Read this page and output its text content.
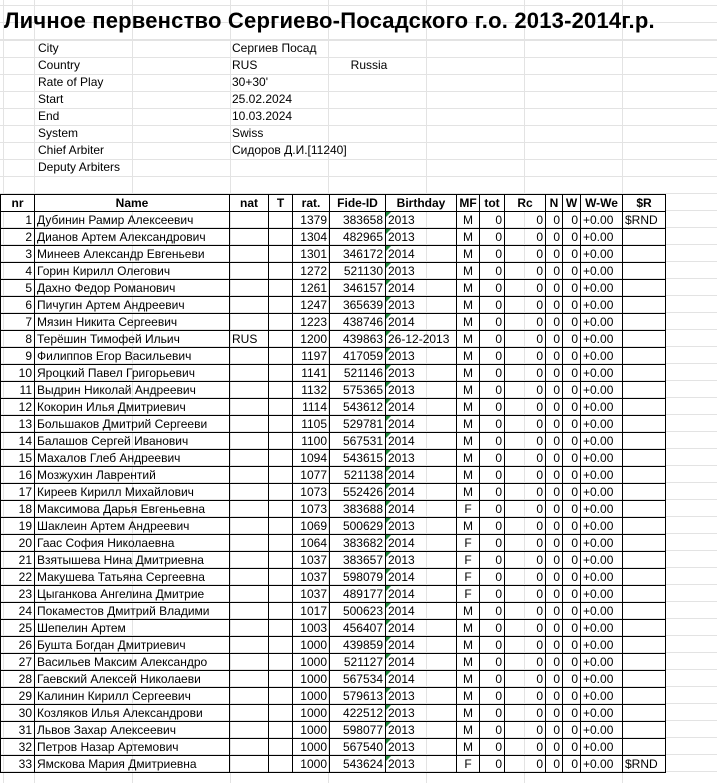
Личное первенство Сергиево-Посадского г.о. 2013-2014г.р.
City	Сергиев Посад	
Country	RUS	Russia
Rate of Play	30+30'	
Start	25.02.2024	
End	10.03.2024	
System	Swiss	
Chief Arbiter	Сидоров Д.И.[11240]	
Deputy Arbiters		
nr	Name	nat	T	rat.	Fide-ID	Birthday	MF	tot	Rc	N	W	W-We	$R
1	Дубинин Рамир Алексеевич			1379	383658	2013	M	0	0	0	0	+0.00	$RND
2	Дианов Артем Александрович			1304	482965	2013	M	0	0	0	0	+0.00	
3	Минеев Александр Евгеньеви			1301	346172	2014	M	0	0	0	0	+0.00	
4	Горин Кирилл Олегович			1272	521130	2013	M	0	0	0	0	+0.00	
5	Дахно Федор Романович			1261	346157	2014	M	0	0	0	0	+0.00	
6	Пичугин Артем Андреевич			1247	365639	2013	M	0	0	0	0	+0.00	
7	Мязин Никита Сергеевич			1223	438746	2014	M	0	0	0	0	+0.00	
8	Терёшин Тимофей Ильич	RUS		1200	439863	26-12-2013	M	0	0	0	0	+0.00	
9	Филиппов Егор Васильевич			1197	417059	2013	M	0	0	0	0	+0.00	
10	Яроцкий Павел Григорьевич			1141	521146	2013	M	0	0	0	0	+0.00	
11	Выдрин Николай Андреевич			1132	575365	2013	M	0	0	0	0	+0.00	
12	Кокорин Илья Дмитриевич			1114	543612	2014	M	0	0	0	0	+0.00	
13	Большаков Дмитрий Сергееви			1105	529781	2014	M	0	0	0	0	+0.00	
14	Балашов Сергей Иванович			1100	567531	2014	M	0	0	0	0	+0.00	
15	Махалов Глеб Андреевич			1094	543615	2013	M	0	0	0	0	+0.00	
16	Мозжухин Лаврентий			1077	521138	2014	M	0	0	0	0	+0.00	
17	Киреев Кирилл Михайлович			1073	552426	2014	M	0	0	0	0	+0.00	
18	Максимова Дарья Евгеньевна			1073	383688	2014	F	0	0	0	0	+0.00	
19	Шаклеин Артем Андреевич			1069	500629	2013	M	0	0	0	0	+0.00	
20	Гаас София Николаевна			1064	383682	2014	F	0	0	0	0	+0.00	
21	Взятышева Нина Дмитриевна			1037	383657	2013	F	0	0	0	0	+0.00	
22	Макушева Татьяна Сергеевна			1037	598079	2014	F	0	0	0	0	+0.00	
23	Цыганкова Ангелина Дмитрие			1037	489177	2014	F	0	0	0	0	+0.00	
24	Покаместов Дмитрий Владими			1017	500623	2014	M	0	0	0	0	+0.00	
25	Шепелин Артем			1003	456407	2014	M	0	0	0	0	+0.00	
26	Бушта Богдан Дмитриевич			1000	439859	2014	M	0	0	0	0	+0.00	
27	Васильев Максим Александро			1000	521127	2014	M	0	0	0	0	+0.00	
28	Гаевский Алексей Николаеви			1000	567534	2014	M	0	0	0	0	+0.00	
29	Калинин Кирилл Сергеевич			1000	579613	2013	M	0	0	0	0	+0.00	
30	Козляков Илья Александрови			1000	422512	2013	M	0	0	0	0	+0.00	
31	Львов Захар Алексеевич			1000	598077	2013	M	0	0	0	0	+0.00	
32	Петров Назар Артемович			1000	567540	2013	M	0	0	0	0	+0.00	
33	Ямскова Мария Дмитриевна			1000	543624	2013	F	0	0	0	0	+0.00	$RND
